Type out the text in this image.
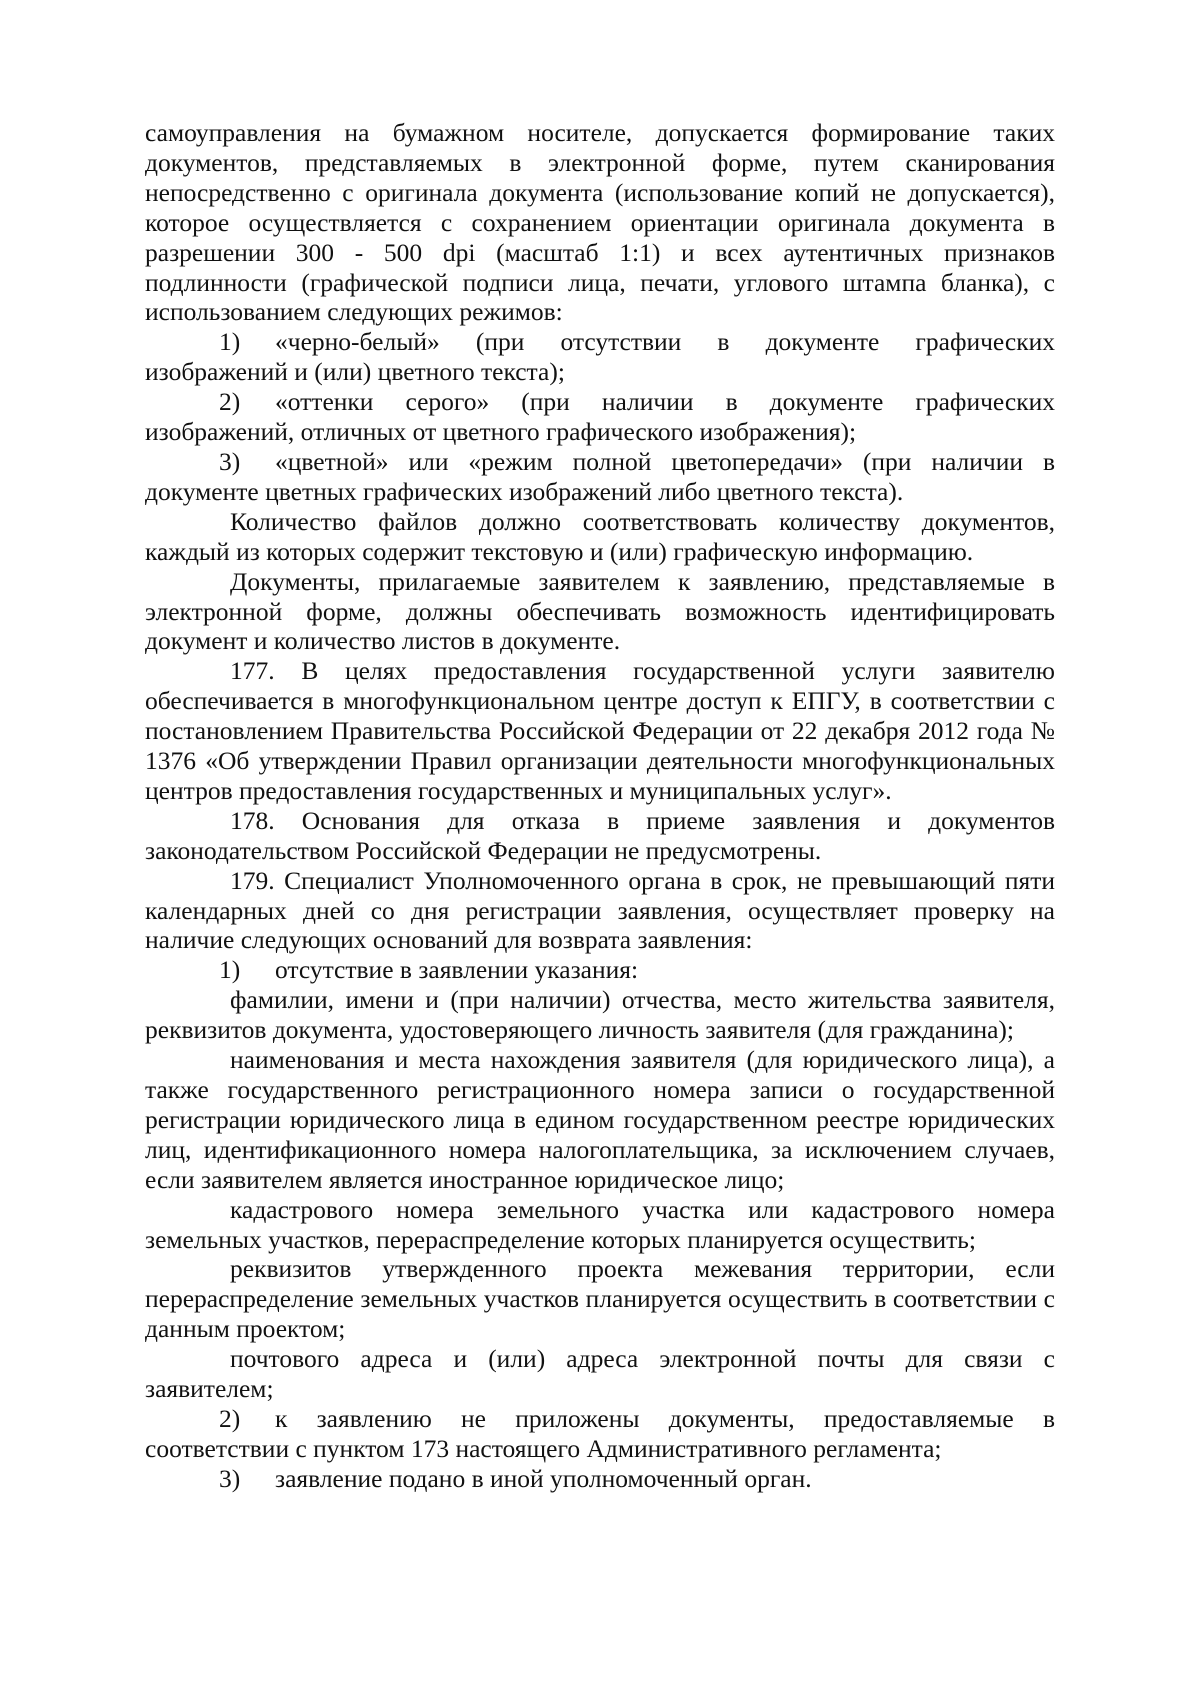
самоуправления на бумажном носителе, допускается формирование таких документов, представляемых в электронной форме, путем сканирования непосредственно с оригинала документа (использование копий не допускается), которое осуществляется с сохранением ориентации оригинала документа в разрешении 300 - 500 dpi (масштаб 1:1) и всех аутентичных признаков подлинности (графической подписи лица, печати, углового штампа бланка), с использованием следующих режимов:

1) «черно-белый» (при отсутствии в документе графических изображений и (или) цветного текста);

2) «оттенки серого» (при наличии в документе графических изображений, отличных от цветного графического изображения);

3) «цветной» или «режим полной цветопередачи» (при наличии в документе цветных графических изображений либо цветного текста).

Количество файлов должно соответствовать количеству документов, каждый из которых содержит текстовую и (или) графическую информацию.

Документы, прилагаемые заявителем к заявлению, представляемые в электронной форме, должны обеспечивать возможность идентифицировать документ и количество листов в документе.

177. В целях предоставления государственной услуги заявителю обеспечивается в многофункциональном центре доступ к ЕПГУ, в соответствии с постановлением Правительства Российской Федерации от 22 декабря 2012 года № 1376 «Об утверждении Правил организации деятельности многофункциональных центров предоставления государственных и муниципальных услуг».

178. Основания для отказа в приеме заявления и документов законодательством Российской Федерации не предусмотрены.

179. Специалист Уполномоченного органа в срок, не превышающий пяти календарных дней со дня регистрации заявления, осуществляет проверку на наличие следующих оснований для возврата заявления:

1) отсутствие в заявлении указания:

фамилии, имени и (при наличии) отчества, место жительства заявителя, реквизитов документа, удостоверяющего личность заявителя (для гражданина);

наименования и места нахождения заявителя (для юридического лица), а также государственного регистрационного номера записи о государственной регистрации юридического лица в едином государственном реестре юридических лиц, идентификационного номера налогоплательщика, за исключением случаев, если заявителем является иностранное юридическое лицо;

кадастрового номера земельного участка или кадастрового номера земельных участков, перераспределение которых планируется осуществить;

реквизитов утвержденного проекта межевания территории, если перераспределение земельных участков планируется осуществить в соответствии с данным проектом;

почтового адреса и (или) адреса электронной почты для связи с заявителем;

2) к заявлению не приложены документы, предоставляемые в соответствии с пунктом 173 настоящего Административного регламента;

3) заявление подано в иной уполномоченный орган.
